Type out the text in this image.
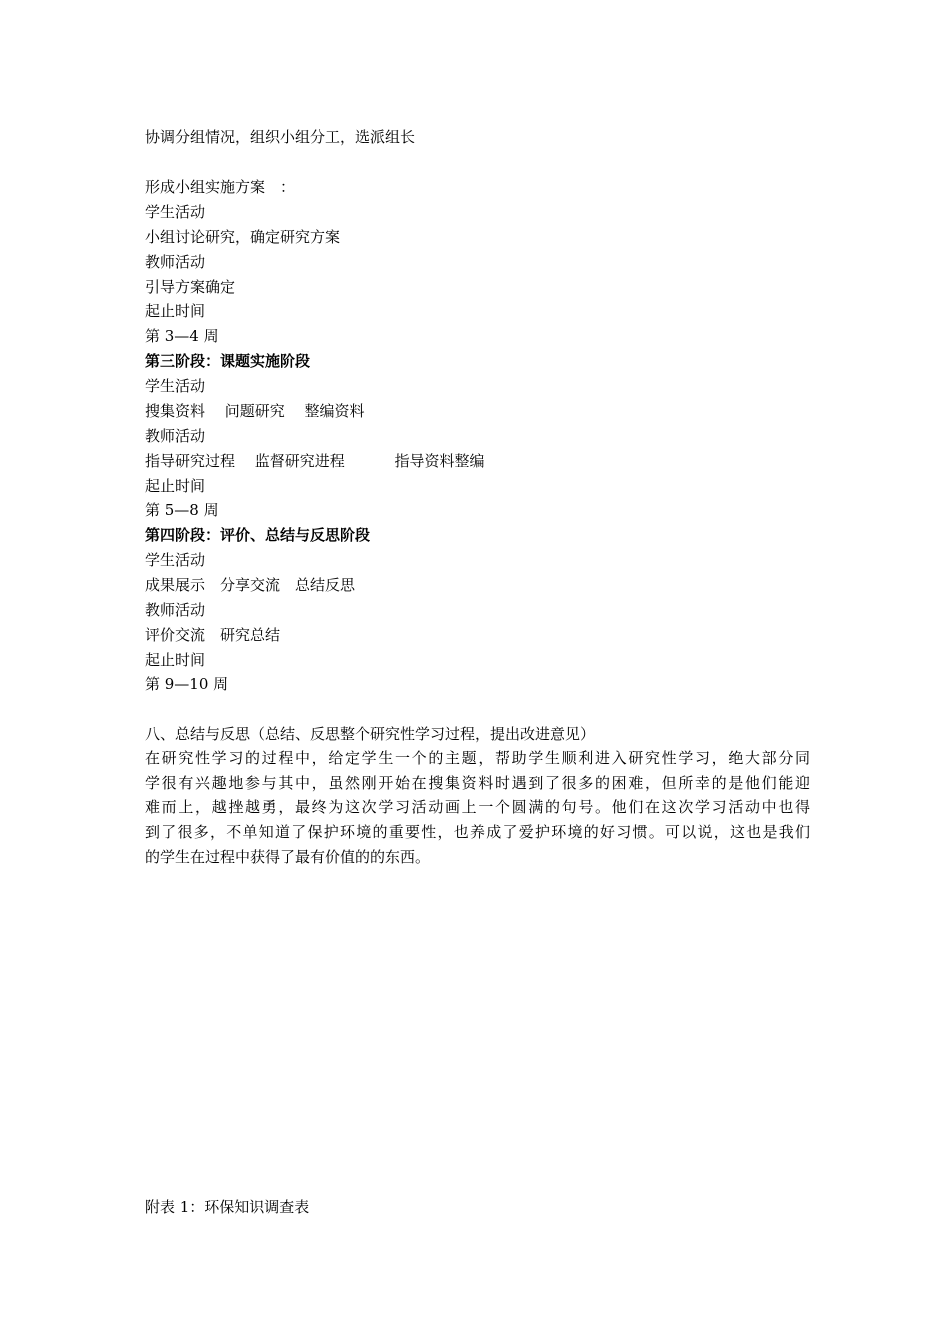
协调分组情况，组织小组分工，选派组长
形成小组实施方案　：
学生活动
小组讨论研究，确定研究方案
教师活动
引导方案确定
起止时间
第 3—4 周
第三阶段：课题实施阶段
学生活动
搜集资料　 问题研究　 整编资料
教师活动
指导研究过程　 监督研究进程　　　 指导资料整编
起止时间
第 5—8 周
第四阶段：评价、总结与反思阶段
学生活动
成果展示　分享交流　总结反思
教师活动
评价交流　研究总结
起止时间
第 9—10 周
八、总结与反思（总结、反思整个研究性学习过程，提出改进意见）
在研究性学习的过程中，给定学生一个的主题，帮助学生顺利进入研究性学习，绝大部分同
学很有兴趣地参与其中，虽然刚开始在搜集资料时遇到了很多的困难，但所幸的是他们能迎
难而上，越挫越勇，最终为这次学习活动画上一个圆满的句号。他们在这次学习活动中也得
到了很多，不单知道了保护环境的重要性，也养成了爱护环境的好习惯。可以说，这也是我们
的学生在过程中获得了最有价值的的东西。
附表 1：环保知识调查表
